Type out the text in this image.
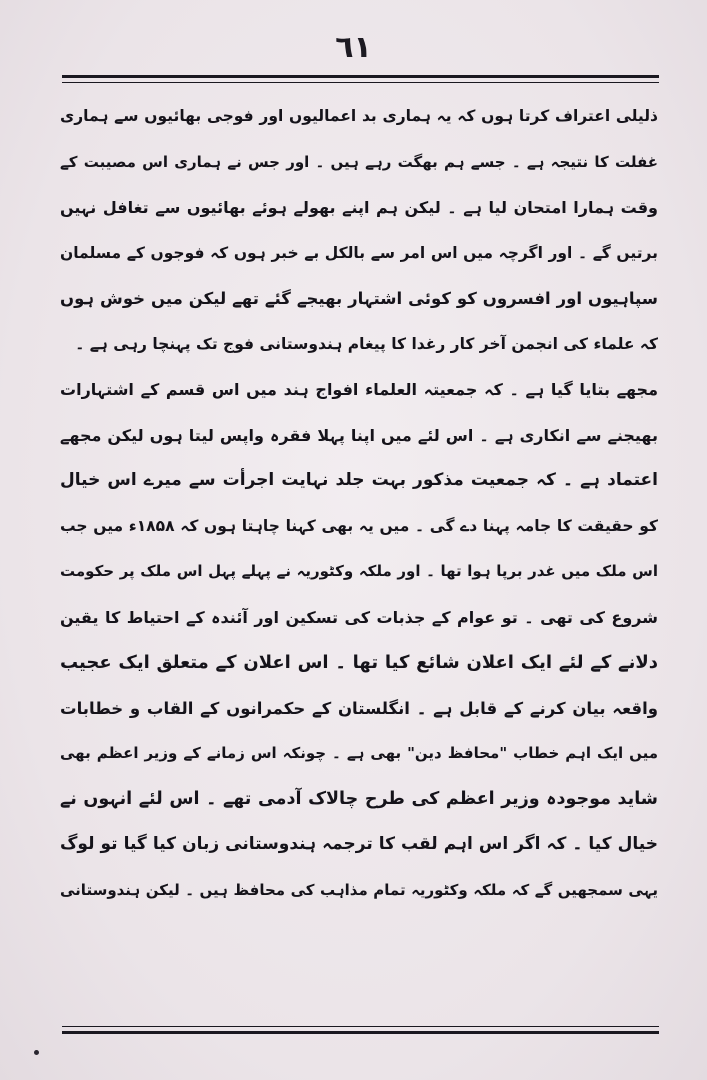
٦١
ذلیلی اعتراف کرتا ہوں کہ یہ ہماری بد اعمالیوں اور فوجی بھائیوں سے ہماری
غفلت کا نتیجہ ہے ۔ جسے ہم بھگت رہے ہیں ۔ اور جس نے ہماری اس مصیبت کے
وقت ہمارا امتحان لیا ہے ۔ لیکن ہم اپنے بھولے ہوئے بھائیوں سے تغافل نہیں
برتیں گے ۔ اور اگرچہ میں اس امر سے بالکل بے خبر ہوں کہ فوجوں کے مسلمان
سپاہیوں اور افسروں کو کوئی اشتہار بھیجے گئے تھے لیکن میں خوش ہوں
کہ علماء کی انجمن آخر کار رغدا کا پیغام ہندوستانی فوج تک پہنچا رہی ہے ۔
مجھے بتایا گیا ہے ۔ کہ جمعیتہ العلماء افواج ہند میں اس قسم کے اشتہارات
بھیجنے سے انکاری ہے ۔ اس لئے میں اپنا پہلا فقرہ واپس لیتا ہوں لیکن مجھے
اعتماد ہے ۔ کہ جمعیت مذکور بہت جلد نہایت اجرأت سے میرے اس خیال
کو حقیقت کا جامہ پہنا دے گی ۔ میں یہ بھی کہنا چاہتا ہوں کہ ۱۸۵۸ء میں جب
اس ملک میں غدر برپا ہوا تھا ۔ اور ملکہ وکٹوریہ نے پہلے پہل اس ملک پر حکومت
شروع کی تھی ۔ تو عوام کے جذبات کی تسکین اور آئندہ کے احتیاط کا یقین
دلانے کے لئے ایک اعلان شائع کیا تھا ۔ اس اعلان کے متعلق ایک عجیب
واقعہ بیان کرنے کے قابل ہے ۔ انگلستان کے حکمرانوں کے القاب و خطابات
میں ایک اہم خطاب "محافظ دین" بھی ہے ۔ چونکہ اس زمانے کے وزیر اعظم بھی
شاید موجودہ وزیر اعظم کی طرح چالاک آدمی تھے ۔ اس لئے انہوں نے
خیال کیا ۔ کہ اگر اس اہم لقب کا ترجمہ ہندوستانی زبان کیا گیا تو لوگ
یہی سمجھیں گے کہ ملکہ وکٹوریہ تمام مذاہب کی محافظ ہیں ۔ لیکن ہندوستانی
